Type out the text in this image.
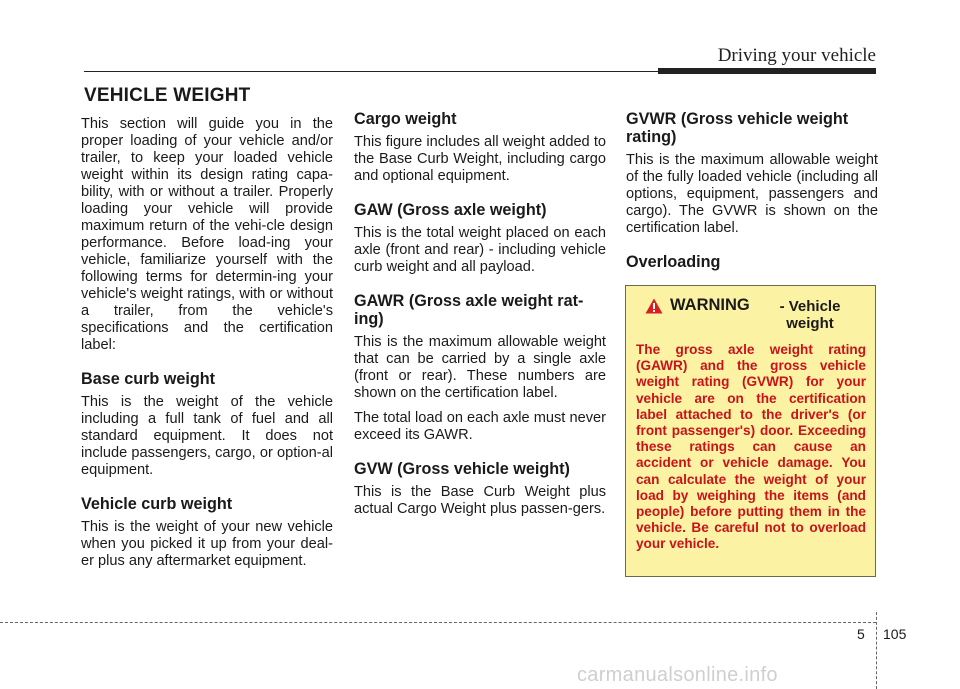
Driving your vehicle
VEHICLE WEIGHT

This section will guide you in the proper loading of your vehicle and/or trailer, to keep your loaded vehicle weight within its design rating capa-bility, with or without a trailer. Properly loading your vehicle will provide maximum return of the vehi-cle design performance. Before load-ing your vehicle, familiarize yourself with the following terms for determin-ing your vehicle's weight ratings, with or without a trailer, from the vehicle's specifications and the certification label:

Base curb weight

This is the weight of the vehicle including a full tank of fuel and all standard equipment. It does not include passengers, cargo, or option-al equipment.

Vehicle curb weight

This is the weight of your new vehicle when you picked it up from your deal-er plus any aftermarket equipment.

Cargo weight

This figure includes all weight added to the Base Curb Weight, including cargo and optional equipment.

GAW (Gross axle weight)

This is the total weight placed on each axle (front and rear) - including vehicle curb weight and all payload.

GAWR (Gross axle weight rat-ing)

This is the maximum allowable weight that can be carried by a single axle (front or rear). These numbers are shown on the certification label.

The total load on each axle must never exceed its GAWR.

GVW (Gross vehicle weight)

This is the Base Curb Weight plus actual Cargo Weight plus passen-gers.

GVWR (Gross vehicle weight rating)

This is the maximum allowable weight of the fully loaded vehicle (including all options, equipment, passengers and cargo). The GVWR is shown on the certification label.

Overloading
WARNING	- Vehicle weight

The gross axle weight rating (GAWR) and the gross vehicle weight rating (GVWR) for your vehicle are on the certification label attached to the driver's (or front passenger's) door. Exceeding these ratings can cause an accident or vehicle damage. You can calculate the weight of your load by weighing the items (and people) before putting them in the vehicle. Be careful not to overload your vehicle.

5 105
carmanualsonline.info
